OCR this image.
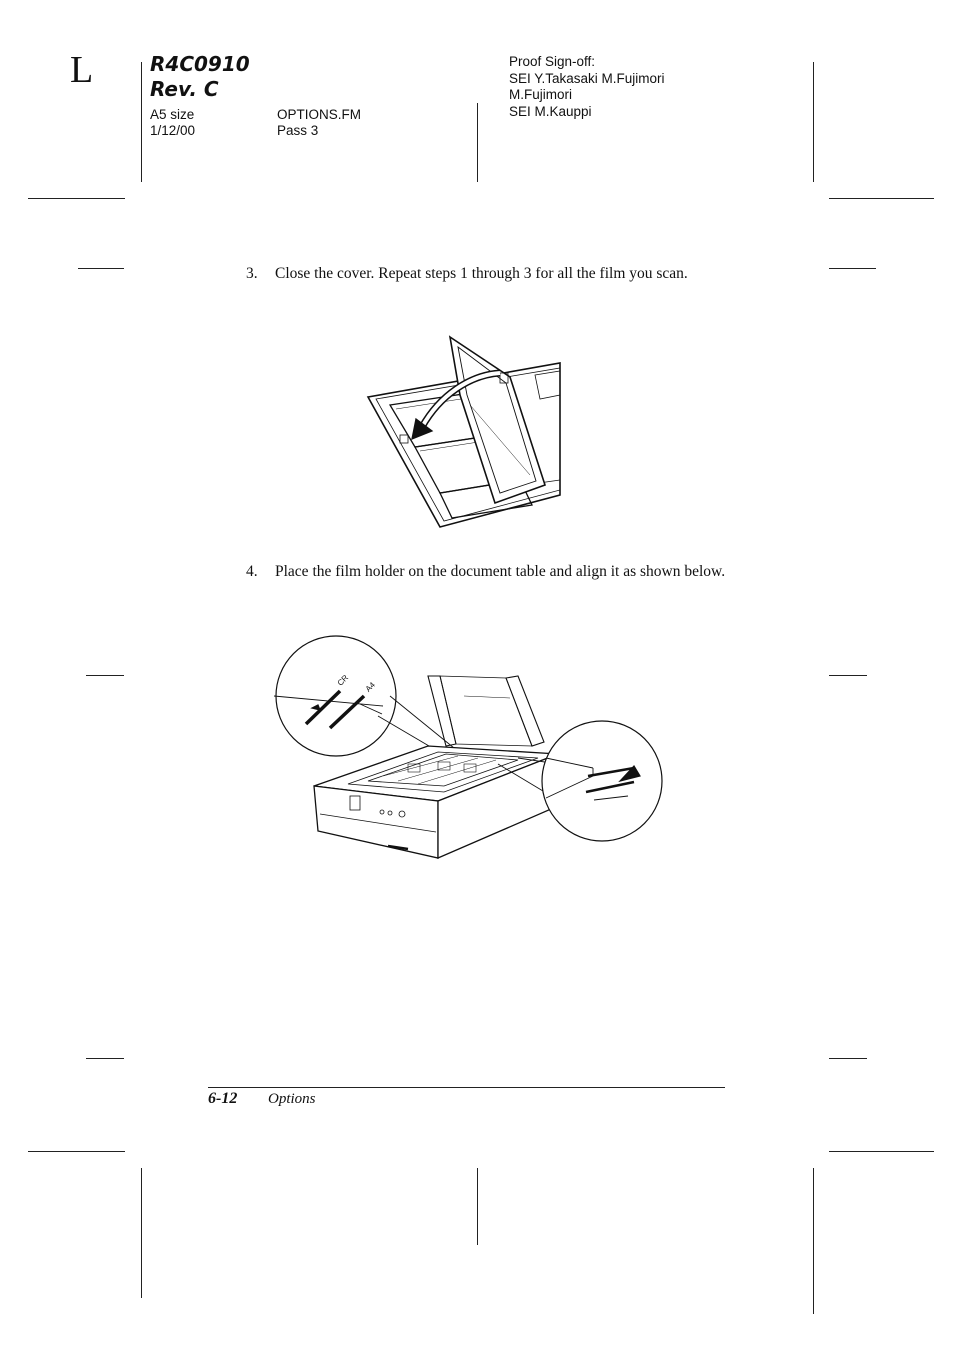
L	R4C0910
Rev. C
A5 size
1/12/00
OPTIONS.FM
Pass 3
Proof Sign-off:
SEI Y.Takasaki M.Fujimori
M.Fujimori
SEI M.Kauppi
3. Close the cover. Repeat steps 1 through 3 for all the film you scan.
4. Place the film holder on the document table and align it as shown below.
CR A4
6-12 Options
